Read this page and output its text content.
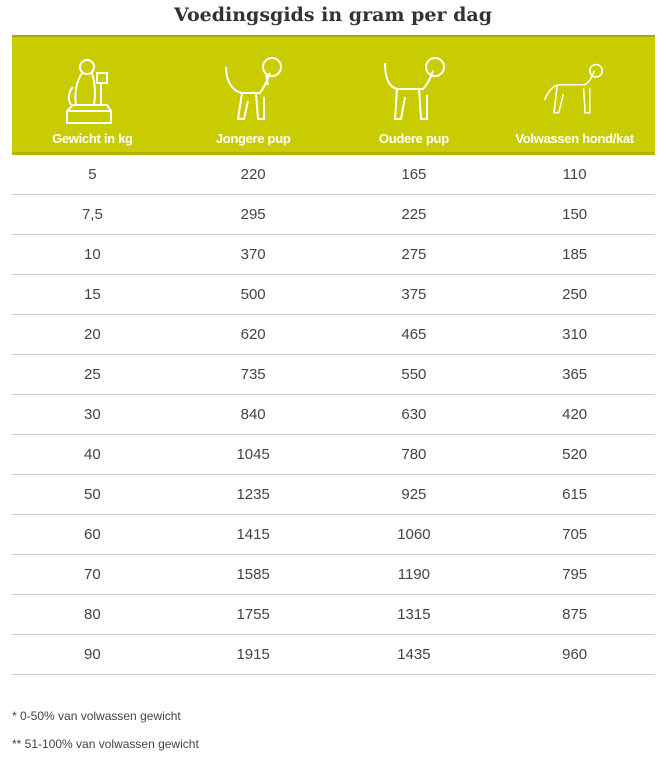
Voedingsgids in gram per dag
Gewicht in kg	Jongere pup	Oudere pup	Volwassen hond/kat
5	220	165	110
7,5	295	225	150
10	370	275	185
15	500	375	250
20	620	465	310
25	735	550	365
30	840	630	420
40	1045	780	520
50	1235	925	615
60	1415	1060	705
70	1585	1190	795
80	1755	1315	875
90	1915	1435	960
* 0-50% van volwassen gewicht
** 51-100% van volwassen gewicht
